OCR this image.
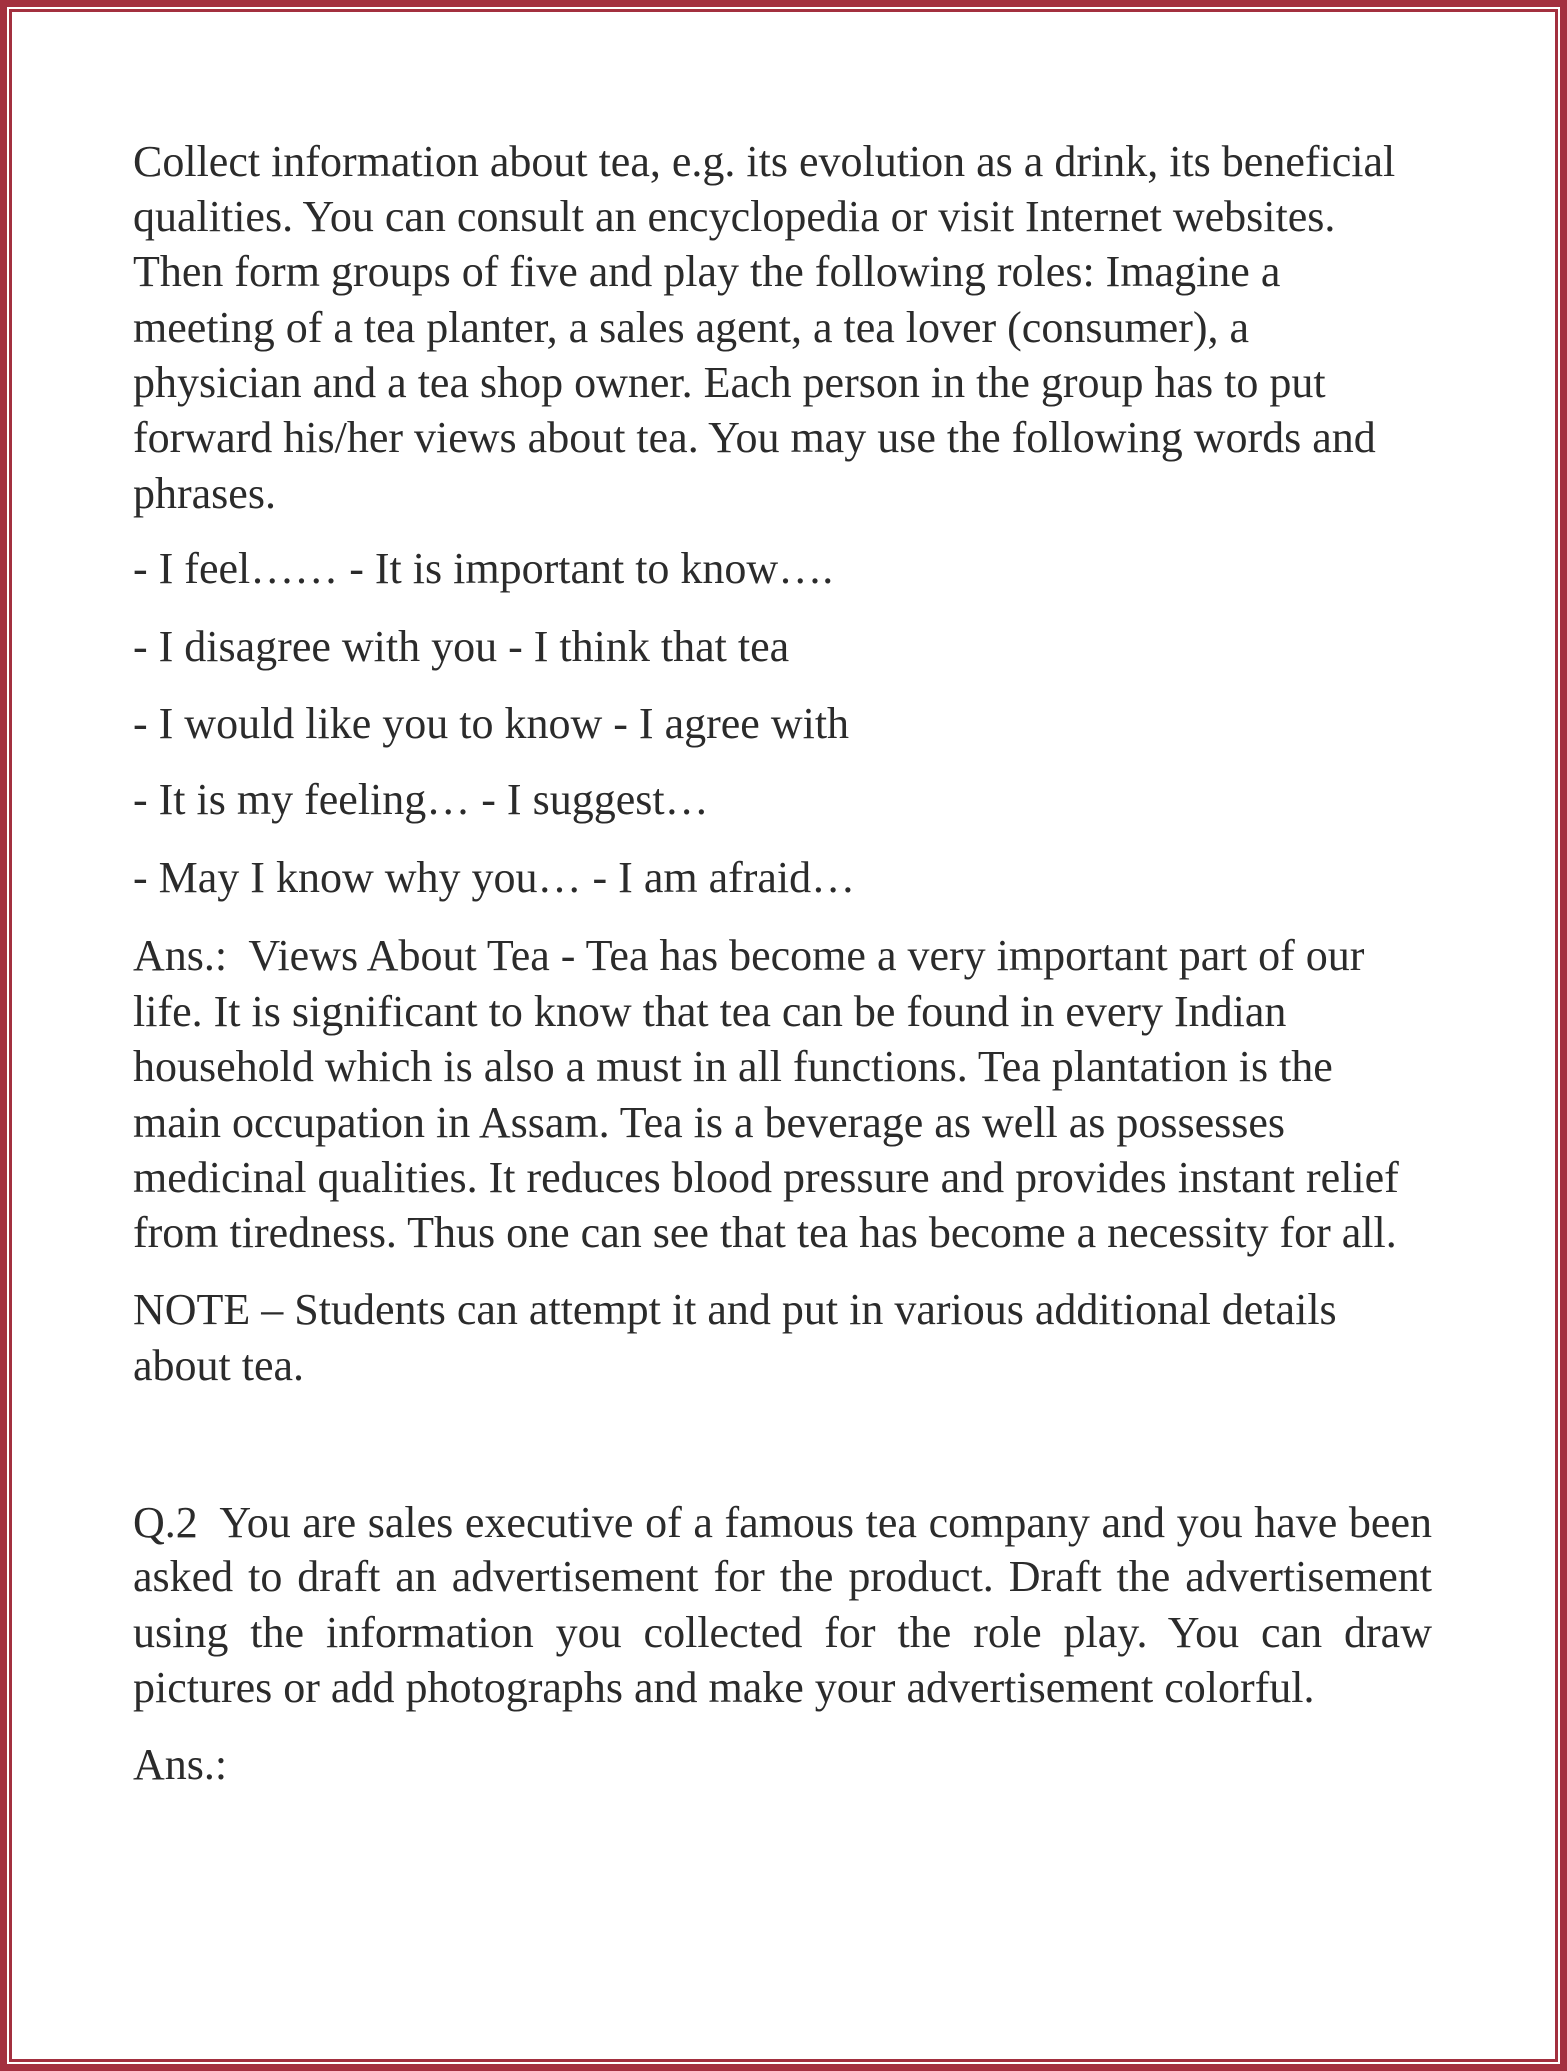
Collect information about tea, e.g. its evolution as a drink, its beneficial
qualities. You can consult an encyclopedia or visit Internet websites.
Then form groups of five and play the following roles: Imagine a
meeting of a tea planter, a sales agent, a tea lover (consumer), a
physician and a tea shop owner. Each person in the group has to put
forward his/her views about tea. You may use the following words and
phrases.
- I feel…… - It is important to know….
- I disagree with you - I think that tea
- I would like you to know - I agree with
- It is my feeling… - I suggest…
- May I know why you… - I am afraid…
Ans.:  Views About Tea - Tea has become a very important part of our
life. It is significant to know that tea can be found in every Indian
household which is also a must in all functions. Tea plantation is the
main occupation in Assam. Tea is a beverage as well as possesses
medicinal qualities. It reduces blood pressure and provides instant relief
from tiredness. Thus one can see that tea has become a necessity for all.
NOTE – Students can attempt it and put in various additional details
about tea.
Q.2  You are sales executive of a famous tea company and you have been
asked to draft an advertisement for the product. Draft the advertisement
using the information you collected for the role play. You can draw
pictures or add photographs and make your advertisement colorful.
Ans.:
